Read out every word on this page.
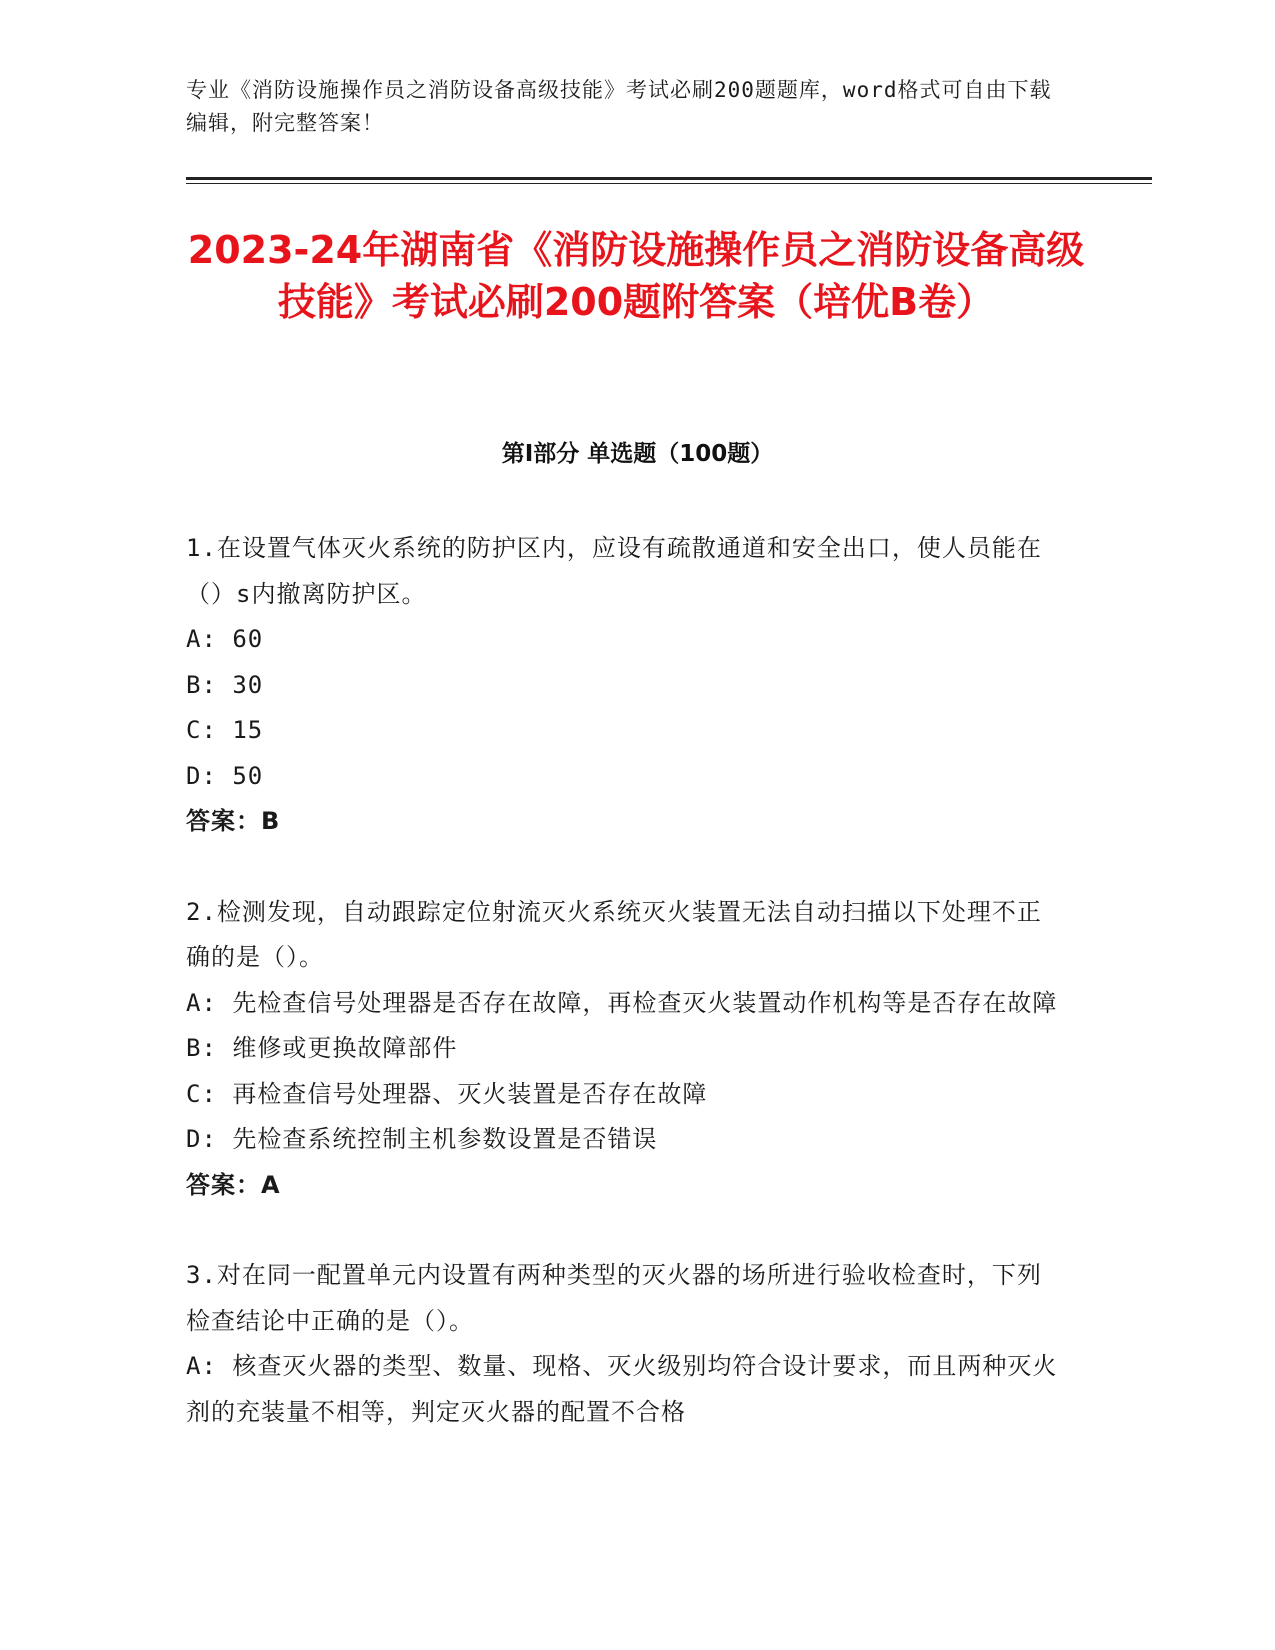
专业《消防设施操作员之消防设备高级技能》考试必刷200题题库，word格式可自由下载编辑，附完整答案！
2023-24年湖南省《消防设施操作员之消防设备高级技能》考试必刷200题附答案（培优B卷）
第I部分 单选题（100题）

1.在设置气体灭火系统的防护区内，应设有疏散通道和安全出口，使人员能在（）s内撤离防护区。

A: 60

B: 30

C: 15

D: 50

答案：B

2.检测发现，自动跟踪定位射流灭火系统灭火装置无法自动扫描以下处理不正确的是（）。

A: 先检查信号处理器是否存在故障，再检查灭火装置动作机构等是否存在故障

B: 维修或更换故障部件

C: 再检查信号处理器、灭火装置是否存在故障

D: 先检查系统控制主机参数设置是否错误

答案：A

3.对在同一配置单元内设置有两种类型的灭火器的场所进行验收检查时，下列检查结论中正确的是（）。

A: 核查灭火器的类型、数量、现格、灭火级别均符合设计要求，而且两种灭火剂的充装量不相等，判定灭火器的配置不合格
